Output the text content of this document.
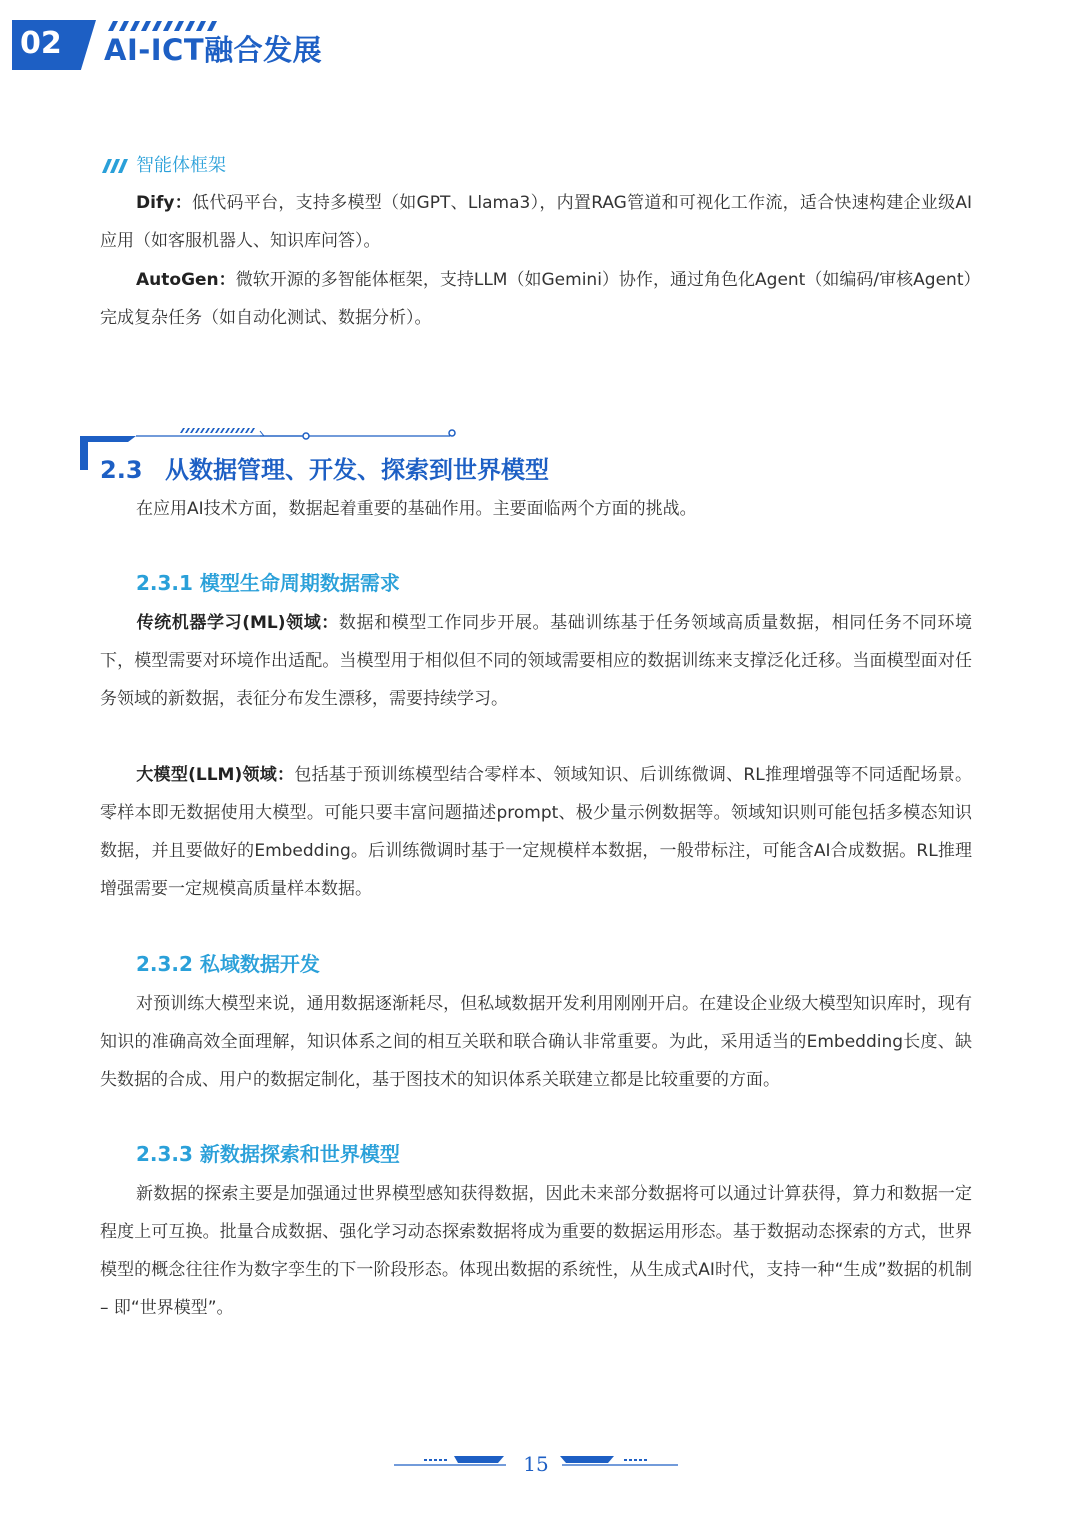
02 AI-ICT融合发展
智能体框架
Dify：低代码平台，支持多模型（如GPT、Llama3），内置RAG管道和可视化工作流，适合快速构建企业级AI应用（如客服机器人、知识库问答）。
AutoGen：微软开源的多智能体框架，支持LLM（如Gemini）协作，通过角色化Agent（如编码/审核Agent）完成复杂任务（如自动化测试、数据分析）。
2.3 从数据管理、开发、探索到世界模型
在应用AI技术方面，数据起着重要的基础作用。主要面临两个方面的挑战。
2.3.1 模型生命周期数据需求
传统机器学习(ML)领域：数据和模型工作同步开展。基础训练基于任务领域高质量数据，相同任务不同环境下，模型需要对环境作出适配。当模型用于相似但不同的领域需要相应的数据训练来支撑泛化迁移。当面模型面对任务领域的新数据，表征分布发生漂移，需要持续学习。
大模型(LLM)领域：包括基于预训练模型结合零样本、领域知识、后训练微调、RL推理增强等不同适配场景。零样本即无数据使用大模型。可能只要丰富问题描述prompt、极少量示例数据等。领域知识则可能包括多模态知识数据，并且要做好的Embedding。后训练微调时基于一定规模样本数据，一般带标注，可能含AI合成数据。RL推理增强需要一定规模高质量样本数据。
2.3.2 私域数据开发
对预训练大模型来说，通用数据逐渐耗尽，但私域数据开发利用刚刚开启。在建设企业级大模型知识库时，现有知识的准确高效全面理解，知识体系之间的相互关联和联合确认非常重要。为此，采用适当的Embedding长度、缺失数据的合成、用户的数据定制化，基于图技术的知识体系关联建立都是比较重要的方面。
2.3.3 新数据探索和世界模型
新数据的探索主要是加强通过世界模型感知获得数据，因此未来部分数据将可以通过计算获得，算力和数据一定程度上可互换。批量合成数据、强化学习动态探索数据将成为重要的数据运用形态。基于数据动态探索的方式，世界模型的概念往往作为数字孪生的下一阶段形态。体现出数据的系统性，从生成式AI时代，支持一种“生成”数据的机制 – 即“世界模型”。
15
